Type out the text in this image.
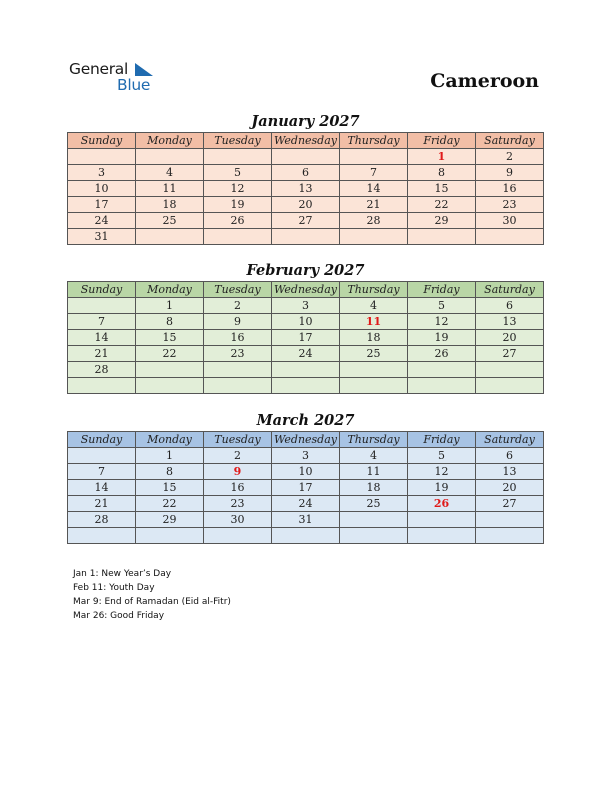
General
Blue	Cameroon
January 2027
Sunday	Monday	Tuesday	Wednesday	Thursday	Friday	Saturday
					1	2
3	4	5	6	7	8	9
10	11	12	13	14	15	16
17	18	19	20	21	22	23
24	25	26	27	28	29	30
31						
February 2027
Sunday	Monday	Tuesday	Wednesday	Thursday	Friday	Saturday
	1	2	3	4	5	6
7	8	9	10	11	12	13
14	15	16	17	18	19	20
21	22	23	24	25	26	27
28						

March 2027
Sunday	Monday	Tuesday	Wednesday	Thursday	Friday	Saturday
	1	2	3	4	5	6
7	8	9	10	11	12	13
14	15	16	17	18	19	20
21	22	23	24	25	26	27
28	29	30	31			

Jan 1: New Year’s Day
Feb 11: Youth Day
Mar 9: End of Ramadan (Eid al-Fitr)
Mar 26: Good Friday
